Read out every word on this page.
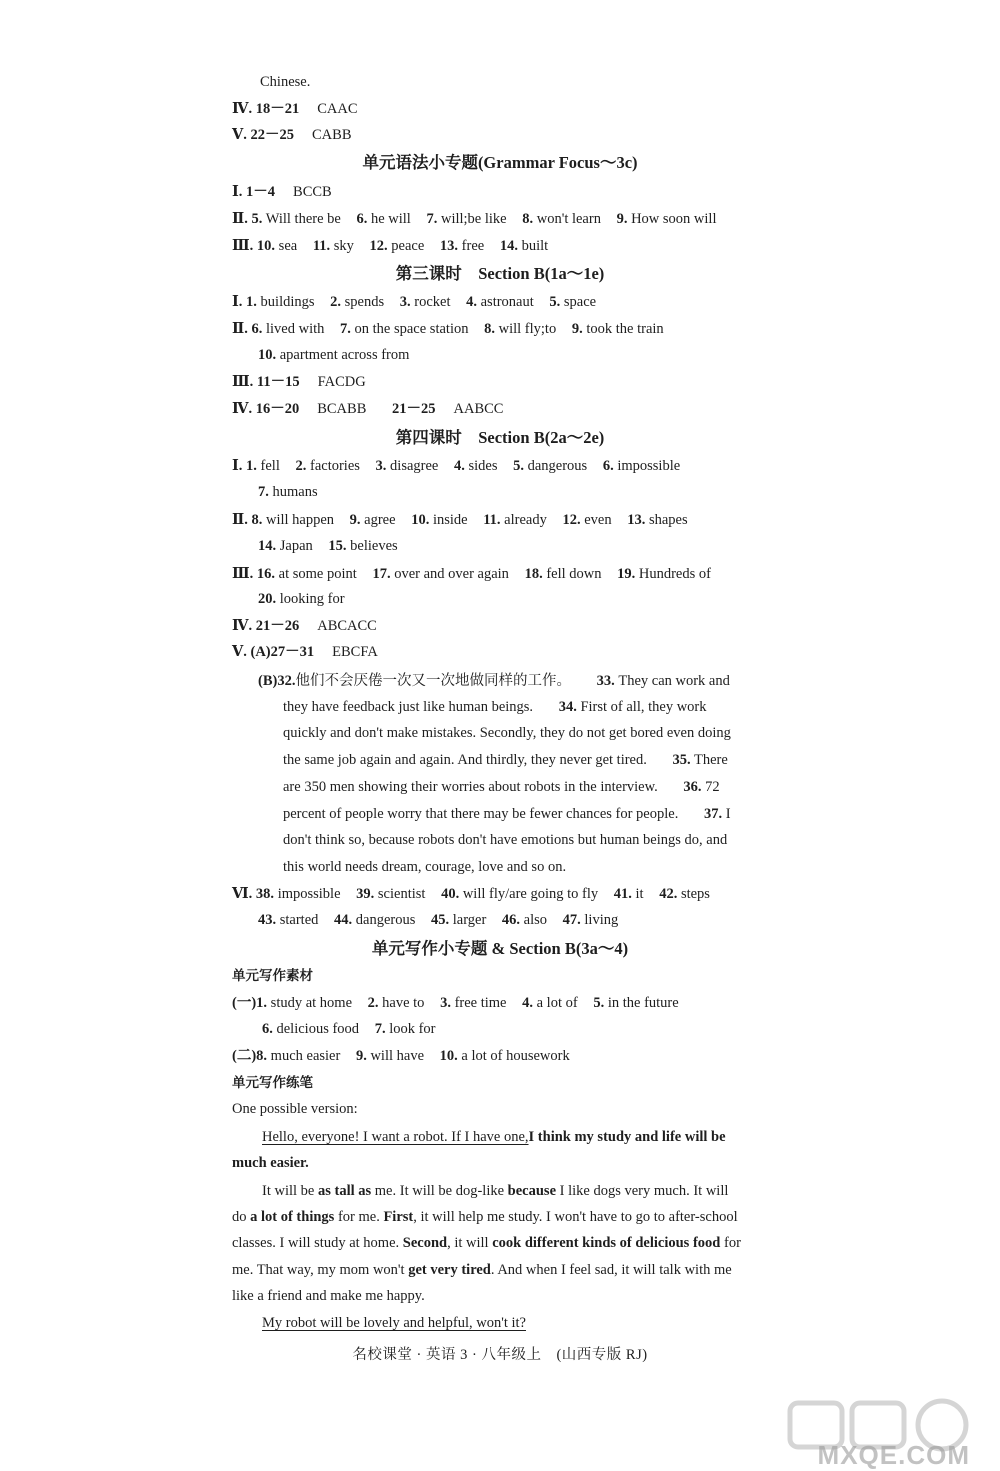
Chinese.
Ⅳ. 18－21 CAAC
Ⅴ. 22－25 CABB
单元语法小专题(Grammar Focus～3c)
Ⅰ. 1－4 BCCB
Ⅱ. 5. Will there be 6. he will 7. will;be like 8. won't learn 9. How soon will
Ⅲ. 10. sea 11. sky 12. peace 13. free 14. built
第三课时　Section B(1a～1e)
Ⅰ. 1. buildings 2. spends 3. rocket 4. astronaut 5. space
Ⅱ. 6. lived with 7. on the space station 8. will fly;to 9. took the train
10. apartment across from
Ⅲ. 11－15 FACDG
Ⅳ. 16－20 BCABB 21－25 AABCC
第四课时　Section B(2a～2e)
Ⅰ. 1. fell 2. factories 3. disagree 4. sides 5. dangerous 6. impossible
7. humans
Ⅱ. 8. will happen 9. agree 10. inside 11. already 12. even 13. shapes
14. Japan 15. believes
Ⅲ. 16. at some point 17. over and over again 18. fell down 19. Hundreds of
20. looking for
Ⅳ. 21－26 ABCACC
Ⅴ. (A)27－31 EBCFA
(B)32.他们不会厌倦一次又一次地做同样的工作。 33. They can work and
they have feedback just like human beings. 34. First of all, they work
quickly and don't make mistakes. Secondly, they do not get bored even doing
the same job again and again. And thirdly, they never get tired. 35. There
are 350 men showing their worries about robots in the interview. 36. 72
percent of people worry that there may be fewer chances for people. 37. I
don't think so, because robots don't have emotions but human beings do, and
this world needs dream, courage, love and so on.
Ⅵ. 38. impossible 39. scientist 40. will fly/are going to fly 41. it 42. steps
43. started 44. dangerous 45. larger 46. also 47. living
单元写作小专题 & Section B(3a～4)
单元写作素材
(一)1. study at home 2. have to 3. free time 4. a lot of 5. in the future
6. delicious food 7. look for
(二)8. much easier 9. will have 10. a lot of housework
单元写作练笔
One possible version:
Hello, everyone! I want a robot. If I have one,I think my study and life will be
much easier.
It will be as tall as me. It will be dog-like because I like dogs very much. It will
do a lot of things for me. First, it will help me study. I won't have to go to after-school
classes. I will study at home. Second, it will cook different kinds of delicious food for
me. That way, my mom won't get very tired. And when I feel sad, it will talk with me
like a friend and make me happy.
My robot will be lovely and helpful, won't it?
名校课堂 · 英语 3 · 八年级上　(山西专版 RJ)
MXQE.COM
